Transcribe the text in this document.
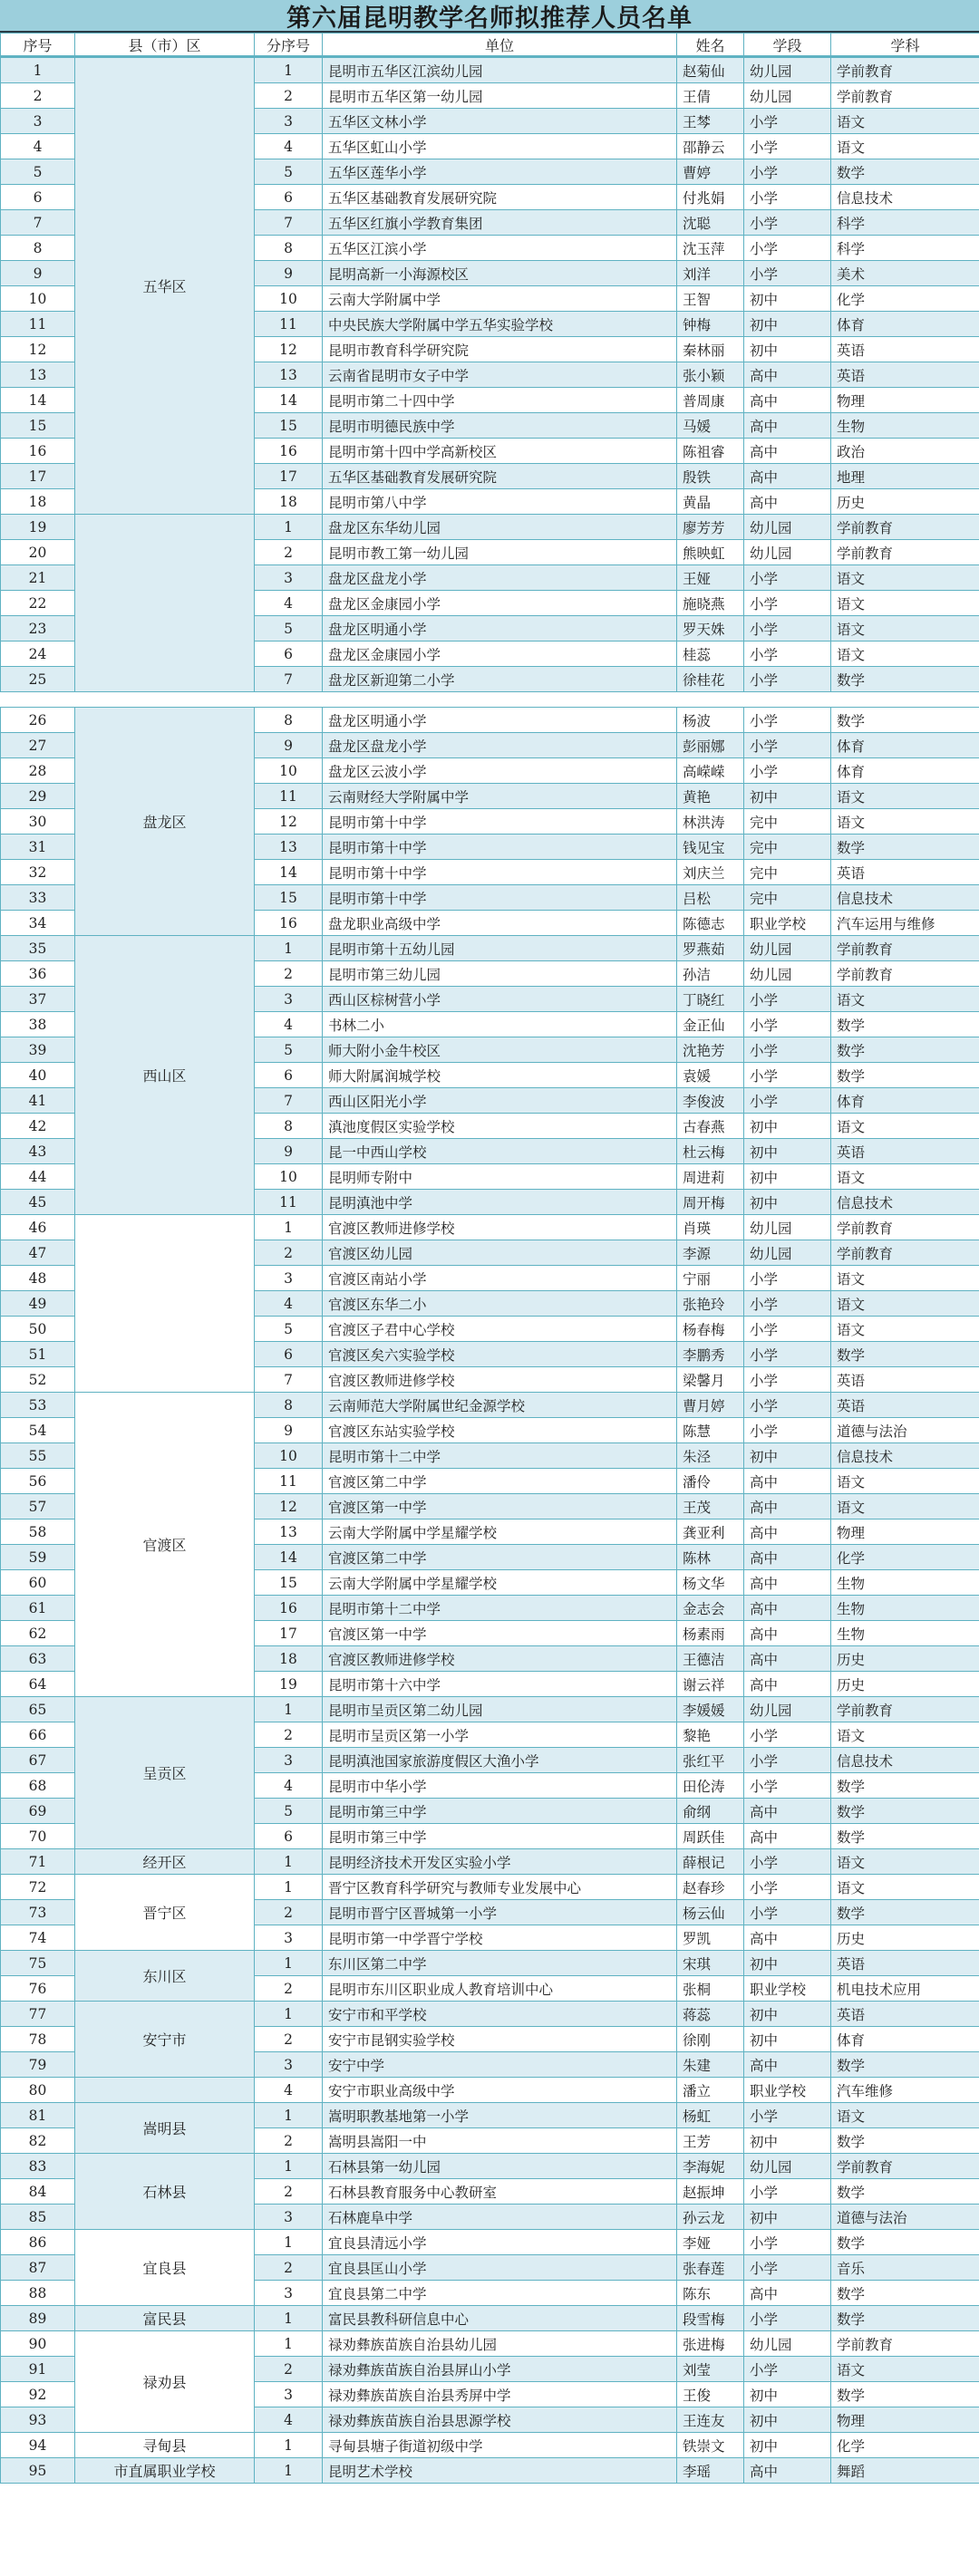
第六届昆明教学名师拟推荐人员名单
序号	县（市）区	分序号	单位	姓名	学段	学科
1	五华区	1	昆明市五华区江滨幼儿园	赵菊仙	幼儿园	学前教育
2		2	昆明市五华区第一幼儿园	王倩	幼儿园	学前教育
3		3	五华区文林小学	王棽	小学	语文
4		4	五华区虹山小学	邵静云	小学	语文
5		5	五华区莲华小学	曹婷	小学	数学
6		6	五华区基础教育发展研究院	付兆娟	小学	信息技术
7		7	五华区红旗小学教育集团	沈聪	小学	科学
8		8	五华区江滨小学	沈玉萍	小学	科学
9		9	昆明高新一小海源校区	刘洋	小学	美术
10		10	云南大学附属中学	王智	初中	化学
11		11	中央民族大学附属中学五华实验学校	钟梅	初中	体育
12		12	昆明市教育科学研究院	秦林丽	初中	英语
13		13	云南省昆明市女子中学	张小颖	高中	英语
14		14	昆明市第二十四中学	普周康	高中	物理
15		15	昆明市明德民族中学	马媛	高中	生物
16		16	昆明市第十四中学高新校区	陈祖睿	高中	政治
17		17	五华区基础教育发展研究院	殷铁	高中	地理
18		18	昆明市第八中学	黄晶	高中	历史
19		1	盘龙区东华幼儿园	廖芳芳	幼儿园	学前教育
20		2	昆明市教工第一幼儿园	熊映虹	幼儿园	学前教育
21		3	盘龙区盘龙小学	王娅	小学	语文
22		4	盘龙区金康园小学	施晓燕	小学	语文
23		5	盘龙区明通小学	罗天姝	小学	语文
24		6	盘龙区金康园小学	桂蕊	小学	语文
25		7	盘龙区新迎第二小学	徐桂花	小学	数学

26	盘龙区	8	盘龙区明通小学	杨波	小学	数学
27		9	盘龙区盘龙小学	彭丽娜	小学	体育
28		10	盘龙区云波小学	高嵘嵘	小学	体育
29		11	云南财经大学附属中学	黄艳	初中	语文
30		12	昆明市第十中学	林洪涛	完中	语文
31		13	昆明市第十中学	钱见宝	完中	数学
32		14	昆明市第十中学	刘庆兰	完中	英语
33		15	昆明市第十中学	吕松	完中	信息技术
34		16	盘龙职业高级中学	陈德志	职业学校	汽车运用与维修
35	西山区	1	昆明市第十五幼儿园	罗燕茹	幼儿园	学前教育
36		2	昆明市第三幼儿园	孙洁	幼儿园	学前教育
37		3	西山区棕树营小学	丁晓红	小学	语文
38		4	书林二小	金正仙	小学	数学
39		5	师大附小金牛校区	沈艳芳	小学	数学
40		6	师大附属润城学校	袁媛	小学	数学
41		7	西山区阳光小学	李俊波	小学	体育
42		8	滇池度假区实验学校	古春燕	初中	语文
43		9	昆一中西山学校	杜云梅	初中	英语
44		10	昆明师专附中	周进莉	初中	语文
45		11	昆明滇池中学	周开梅	初中	信息技术
46		1	官渡区教师进修学校	肖瑛	幼儿园	学前教育
47		2	官渡区幼儿园	李源	幼儿园	学前教育
48		3	官渡区南站小学	宁丽	小学	语文
49		4	官渡区东华二小	张艳玲	小学	语文
50		5	官渡区子君中心学校	杨春梅	小学	语文
51		6	官渡区矣六实验学校	李鹏秀	小学	数学
52		7	官渡区教师进修学校	梁馨月	小学	英语
53	官渡区	8	云南师范大学附属世纪金源学校	曹月婷	小学	英语
54		9	官渡区东站实验学校	陈慧	小学	道德与法治
55		10	昆明市第十二中学	朱泾	初中	信息技术
56		11	官渡区第二中学	潘伶	高中	语文
57		12	官渡区第一中学	王茂	高中	语文
58		13	云南大学附属中学星耀学校	龚亚利	高中	物理
59		14	官渡区第二中学	陈林	高中	化学
60		15	云南大学附属中学星耀学校	杨文华	高中	生物
61		16	昆明市第十二中学	金志会	高中	生物
62		17	官渡区第一中学	杨素雨	高中	生物
63		18	官渡区教师进修学校	王德洁	高中	历史
64		19	昆明市第十六中学	谢云祥	高中	历史
65	呈贡区	1	昆明市呈贡区第二幼儿园	李媛媛	幼儿园	学前教育
66		2	昆明市呈贡区第一小学	黎艳	小学	语文
67		3	昆明滇池国家旅游度假区大渔小学	张红平	小学	信息技术
68		4	昆明市中华小学	田伦涛	小学	数学
69		5	昆明市第三中学	俞纲	高中	数学
70		6	昆明市第三中学	周跃佳	高中	数学
71	经开区	1	昆明经济技术开发区实验小学	薛根记	小学	语文
72	晋宁区	1	晋宁区教育科学研究与教师专业发展中心	赵春珍	小学	语文
73		2	昆明市晋宁区晋城第一小学	杨云仙	小学	数学
74		3	昆明市第一中学晋宁学校	罗凯	高中	历史
75	东川区	1	东川区第二中学	宋琪	初中	英语
76		2	昆明市东川区职业成人教育培训中心	张桐	职业学校	机电技术应用
77	安宁市	1	安宁市和平学校	蒋蕊	初中	英语
78		2	安宁市昆钢实验学校	徐刚	初中	体育
79		3	安宁中学	朱建	高中	数学
80		4	安宁市职业高级中学	潘立	职业学校	汽车维修
81	嵩明县	1	嵩明职教基地第一小学	杨虹	小学	语文
82		2	嵩明县嵩阳一中	王芳	初中	数学
83	石林县	1	石林县第一幼儿园	李海妮	幼儿园	学前教育
84		2	石林县教育服务中心教研室	赵振坤	小学	数学
85		3	石林鹿阜中学	孙云龙	初中	道德与法治
86	宜良县	1	宜良县清远小学	李娅	小学	数学
87		2	宜良县匡山小学	张春莲	小学	音乐
88		3	宜良县第二中学	陈东	高中	数学
89	富民县	1	富民县教科研信息中心	段雪梅	小学	数学
90	禄劝县	1	禄劝彝族苗族自治县幼儿园	张进梅	幼儿园	学前教育
91		2	禄劝彝族苗族自治县屏山小学	刘莹	小学	语文
92		3	禄劝彝族苗族自治县秀屏中学	王俊	初中	数学
93		4	禄劝彝族苗族自治县思源学校	王连友	初中	物理
94	寻甸县	1	寻甸县塘子街道初级中学	铁崇文	初中	化学
95	市直属职业学校	1	昆明艺术学校	李瑶	高中	舞蹈
